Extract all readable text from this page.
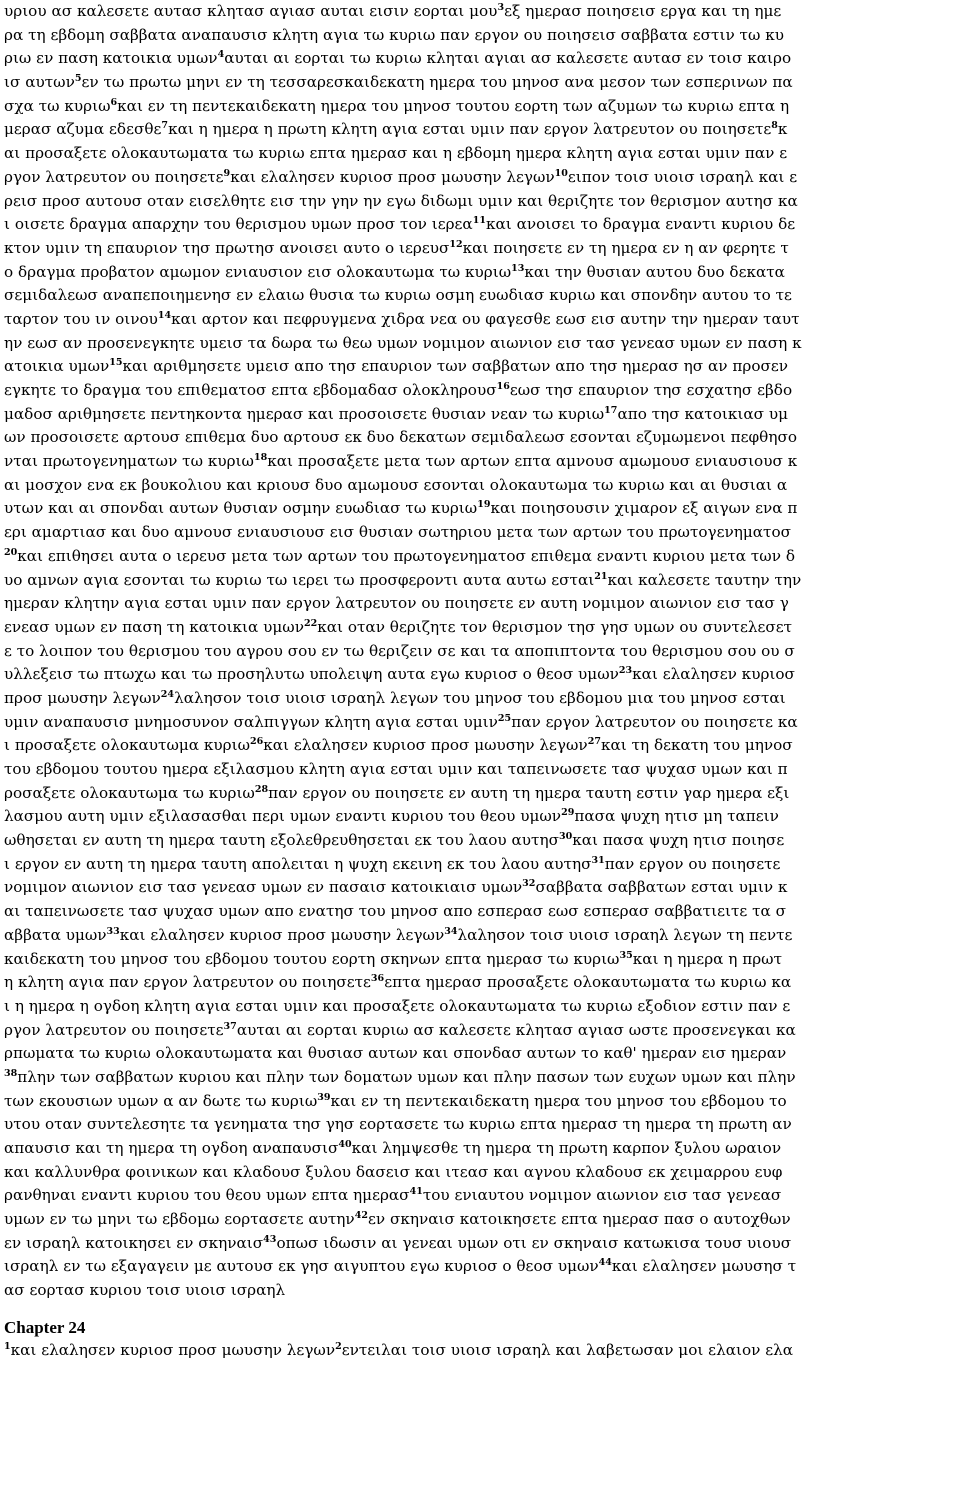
υριου ασ καλεσετε αυτασ κλητασ αγιασ αυται εισιν εορται μου$^3$εξ ημερασ ποιησεισ εργα και τη ημε
ρα τη εβδομη σαββατα αναπαυσισ κλητη αγια τω κυριω παν εργον ου ποιησεισ σαββατα εστιν τω κυ
ριω εν παση κατοικια υμων$^4$αυται αι εορται τω κυριω κληται αγιαι ασ καλεσετε αυτασ εν τοισ καιρο
ισ αυτων$^5$εν τω πρωτω μηνι εν τη τεσσαρεσκαιδεκατη ημερα του μηνοσ ανα μεσον των εσπερινων πα
σχα τω κυριω$^6$και εν τη πεντεκαιδεκατη ημερα του μηνοσ τουτου εορτη των αζυμων τω κυριω επτα η
μερασ αζυμα εδεσθε$^7$και η ημερα η πρωτη κλητη αγια εσται υμιν παν εργον λατρευτον ου ποιησετε$^8$κ
αι προσαξετε ολοκαυτωματα τω κυριω επτα ημερασ και η εβδομη ημερα κλητη αγια εσται υμιν παν ε
ργον λατρευτον ου ποιησετε$^9$και ελαλησεν κυριοσ προσ μωυσην λεγων$^{10}$ειπον τοισ υιοισ ισραηλ και ε
ρεισ προσ αυτουσ οταν εισελθητε εισ την γην ην εγω διδωμι υμιν και θεριζητε τον θερισμον αυτησ κα
ι οισετε δραγμα απαρχην του θερισμου υμων προσ τον ιερεα$^{11}$και ανοισει το δραγμα εναντι κυριου δε
κτον υμιν τη επαυριον τησ πρωτησ ανοισει αυτο ο ιερευσ$^{12}$και ποιησετε εν τη ημερα εν η αν φερητε τ
ο δραγμα προβατον αμωμον ενιαυσιον εισ ολοκαυτωμα τω κυριω$^{13}$και την θυσιαν αυτου δυο δεκατα
σεμιδαλεωσ αναπεποιημενησ εν ελαιω θυσια τω κυριω οσμη ευωδιασ κυριω και σπονδην αυτου το τε
ταρτον του ιν οινου$^{14}$και αρτον και πεφρυγμενα χιδρα νεα ου φαγεσθε εωσ εισ αυτην την ημεραν ταυτ
ην εωσ αν προσενεγκητε υμεισ τα δωρα τω θεω υμων νομιμον αιωνιον εισ τασ γενεασ υμων εν παση κ
ατοικια υμων$^{15}$και αριθμησετε υμεισ απο τησ επαυριον των σαββατων απο τησ ημερασ ησ αν προσεν
εγκητε το δραγμα του επιθεματοσ επτα εβδομαδασ ολοκληρουσ$^{16}$εωσ τησ επαυριον τησ εσχατησ εβδο
μαδοσ αριθμησετε πεντηκοντα ημερασ και προσοισετε θυσιαν νεαν τω κυριω$^{17}$απο τησ κατοικιασ υμ
ων προσοισετε αρτουσ επιθεμα δυο αρτουσ εκ δυο δεκατων σεμιδαλεωσ εσονται εζυμωμενοι πεφθησο
νται πρωτογενηματων τω κυριω$^{18}$και προσαξετε μετα των αρτων επτα αμνουσ αμωμουσ ενιαυσιουσ κ
αι μοσχον ενα εκ βουκολιου και κριουσ δυο αμωμουσ εσονται ολοκαυτωμα τω κυριω και αι θυσιαι α
υτων και αι σπονδαι αυτων θυσιαν οσμην ευωδιασ τω κυριω$^{19}$και ποιησουσιν χιμαρον εξ αιγων ενα π
ερι αμαρτιασ και δυο αμνουσ ενιαυσιουσ εισ θυσιαν σωτηριου μετα των αρτων του πρωτογενηματοσ
$^{20}$και επιθησει αυτα ο ιερευσ μετα των αρτων του πρωτογενηματοσ επιθεμα εναντι κυριου μετα των δ
υο αμνων αγια εσονται τω κυριω τω ιερει τω προσφεροντι αυτα αυτω εσται$^{21}$και καλεσετε ταυτην την
ημεραν κλητην αγια εσται υμιν παν εργον λατρευτον ου ποιησετε εν αυτη νομιμον αιωνιον εισ τασ γ
ενεασ υμων εν παση τη κατοικια υμων$^{22}$και οταν θεριζητε τον θερισμον τησ γησ υμων ου συντελεσετ
ε το λοιπον του θερισμου του αγρου σου εν τω θεριζειν σε και τα αποπιπτοντα του θερισμου σου ου σ
υλλεξεισ τω πτωχω και τω προσηλυτω υπολειψη αυτα εγω κυριοσ ο θεοσ υμων$^{23}$και ελαλησεν κυριοσ
προσ μωυσην λεγων$^{24}$λαλησον τοισ υιοισ ισραηλ λεγων του μηνοσ του εβδομου μια του μηνοσ εσται
υμιν αναπαυσισ μνημοσυνον σαλπιγγων κλητη αγια εσται υμιν$^{25}$παν εργον λατρευτον ου ποιησετε κα
ι προσαξετε ολοκαυτωμα κυριω$^{26}$και ελαλησεν κυριοσ προσ μωυσην λεγων$^{27}$και τη δεκατη του μηνοσ
του εβδομου τουτου ημερα εξιλασμου κλητη αγια εσται υμιν και ταπεινωσετε τασ ψυχασ υμων και π
ροσαξετε ολοκαυτωμα τω κυριω$^{28}$παν εργον ου ποιησετε εν αυτη τη ημερα ταυτη εστιν γαρ ημερα εξι
λασμου αυτη υμιν εξιλασασθαι περι υμων εναντι κυριου του θεου υμων$^{29}$πασα ψυχη ητισ μη ταπειν
ωθησεται εν αυτη τη ημερα ταυτη εξολεθρευθησεται εκ του λαου αυτησ$^{30}$και πασα ψυχη ητισ ποιησε
ι εργον εν αυτη τη ημερα ταυτη απολειται η ψυχη εκεινη εκ του λαου αυτησ$^{31}$παν εργον ου ποιησετε
νομιμον αιωνιον εισ τασ γενεασ υμων εν πασαισ κατοικιαισ υμων$^{32}$σαββατα σαββατων εσται υμιν κ
αι ταπεινωσετε τασ ψυχασ υμων απο ενατησ του μηνοσ απο εσπερασ εωσ εσπερασ σαββατιειτε τα σ
αββατα υμων$^{33}$και ελαλησεν κυριοσ προσ μωυσην λεγων$^{34}$λαλησον τοισ υιοισ ισραηλ λεγων τη πεντε
καιδεκατη του μηνοσ του εβδομου τουτου εορτη σκηνων επτα ημερασ τω κυριω$^{35}$και η ημερα η πρωτ
η κλητη αγια παν εργον λατρευτον ου ποιησετε$^{36}$επτα ημερασ προσαξετε ολοκαυτωματα τω κυριω κα
ι η ημερα η ογδοη κλητη αγια εσται υμιν και προσαξετε ολοκαυτωματα τω κυριω εξοδιον εστιν παν ε
ργον λατρευτον ου ποιησετε$^{37}$αυται αι εορται κυριω ασ καλεσετε κλητασ αγιασ ωστε προσενεγκαι κα
ρπωματα τω κυριω ολοκαυτωματα και θυσιασ αυτων και σπονδασ αυτων το καθ' ημεραν εισ ημεραν
$^{38}$πλην των σαββατων κυριου και πλην των δοματων υμων και πλην πασων των ευχων υμων και πλην
των εκουσιων υμων α αν δωτε τω κυριω$^{39}$και εν τη πεντεκαιδεκατη ημερα του μηνοσ του εβδομου το
υτου οταν συντελεσητε τα γενηματα τησ γησ εορτασετε τω κυριω επτα ημερασ τη ημερα τη πρωτη αν
απαυσισ και τη ημερα τη ογδοη αναπαυσισ$^{40}$και λημψεσθε τη ημερα τη πρωτη καρπον ξυλου ωραιον
και καλλυνθρα φοινικων και κλαδουσ ξυλου δασεισ και ιτεασ και αγνου κλαδουσ εκ χειμαρρου ευφ
ρανθηναι εναντι κυριου του θεου υμων επτα ημερασ$^{41}$του ενιαυτου νομιμον αιωνιον εισ τασ γενεασ
υμων εν τω μηνι τω εβδομω εορτασετε αυτην$^{42}$εν σκηναισ κατοικησετε επτα ημερασ πασ ο αυτοχθων
εν ισραηλ κατοικησει εν σκηναισ$^{43}$οπωσ ιδωσιν αι γενεαι υμων οτι εν σκηναισ κατωκισα τουσ υιουσ
ισραηλ εν τω εξαγαγειν με αυτουσ εκ γησ αιγυπτου εγω κυριοσ ο θεοσ υμων$^{44}$και ελαλησεν μωυσησ τ
ασ εορτασ κυριου τοισ υιοισ ισραηλ
Chapter 24
$^1$και ελαλησεν κυριοσ προσ μωυσην λεγων$^2$εντειλαι τοισ υιοισ ισραηλ και λαβετωσαν μοι ελαιον ελα
